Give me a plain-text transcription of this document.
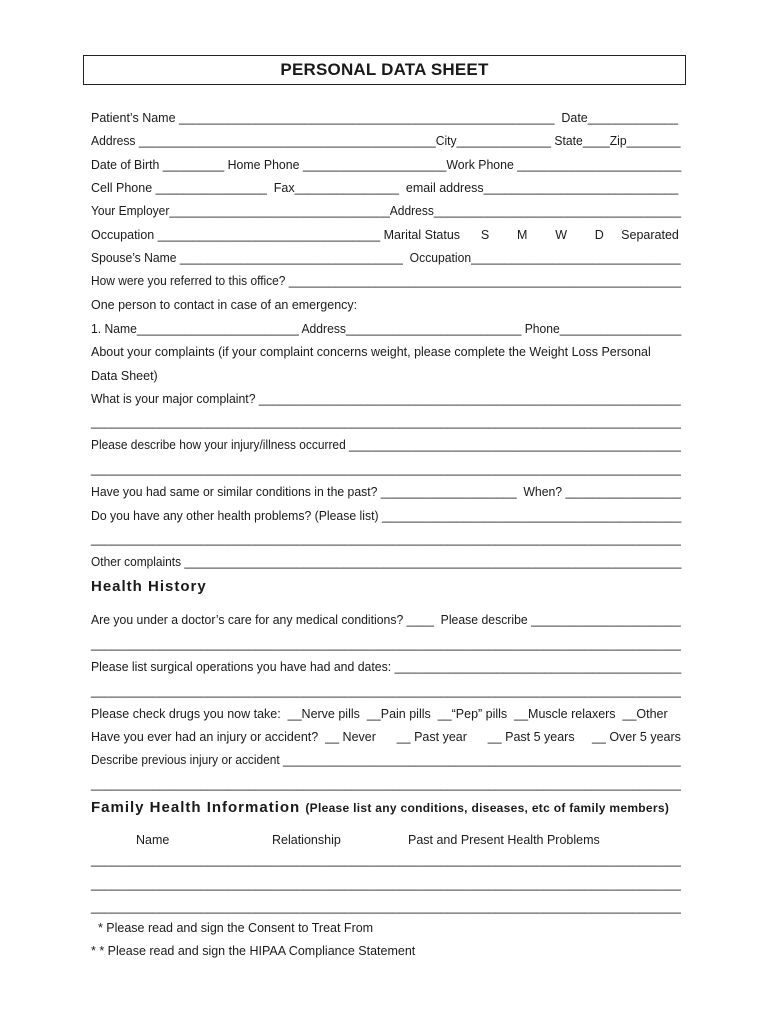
PERSONAL DATA SHEET
Patient’s Name ______________________________________________________  Date_____________
Address ____________________________________________City______________ State____Zip________
Date of Birth _________ Home Phone _____________________Work Phone ________________________
Cell Phone ________________  Fax_______________  email address____________________________
Your Employer_________________________________Address_____________________________________
Occupation ________________________________ Marital Status      S        M        W        D     Separated
Spouse’s Name _________________________________  Occupation_______________________________
How were you referred to this office? ___________________________________________________________
One person to contact in case of an emergency:
1. Name________________________ Address__________________________ Phone__________________
About your complaints (if your complaint concerns weight, please complete the Weight Loss Personal
Data Sheet)
What is your major complaint? ______________________________________________________________
______________________________________________________________________________________
Please describe how your injury/illness occurred __________________________________________________
______________________________________________________________________________________
Have you had same or similar conditions in the past? ____________________  When? _________________
Do you have any other health problems? (Please list) ____________________________________________
______________________________________________________________________________________
Other complaints ___________________________________________________________________________
Health History
Are you under a doctor’s care for any medical conditions? ____  Please describe ______________________
______________________________________________________________________________________
Please list surgical operations you have had and dates: __________________________________________
______________________________________________________________________________________
Please check drugs you now take:  __Nerve pills  __Pain pills  __“Pep” pills  __Muscle relaxers  __Other
Have you ever had an injury or accident?  __ Never      __ Past year      __ Past 5 years     __ Over 5 years
Describe previous injury or accident ____________________________________________________________
______________________________________________________________________________________
Family Health Information (Please list any conditions, diseases, etc of family members)
Name	Relationship	Past and Present Health Problems
______________________________________________________________________________________
______________________________________________________________________________________
______________________________________________________________________________________
* Please read and sign the Consent to Treat From
* * Please read and sign the HIPAA Compliance Statement
